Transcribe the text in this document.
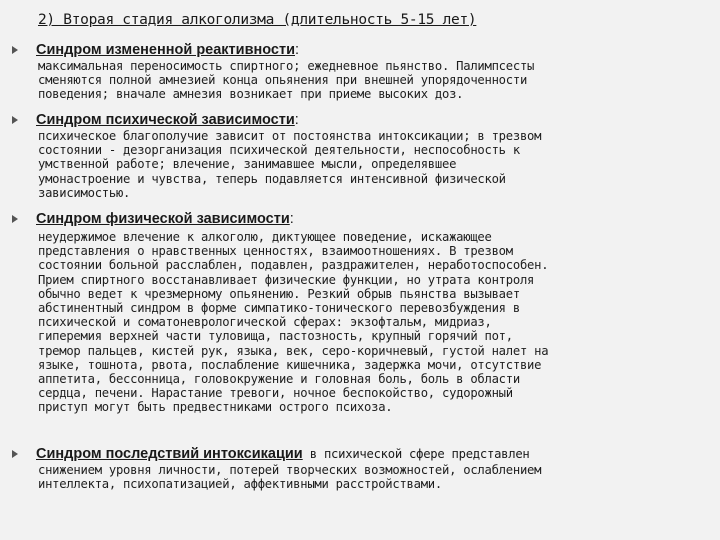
2) Вторая стадия алкоголизма (длительность 5-15 лет)
Синдром измененной реактивности:
максимальная переносимость спиртного; ежедневное пьянство. Палимпсесты
сменяются полной амнезией конца опьянения при внешней упорядоченности
поведения; вначале амнезия возникает при приеме высоких доз.
Синдром психической зависимости:
психическое благополучие зависит от постоянства интоксикации; в трезвом
состоянии - дезорганизация психической деятельности, неспособность к
умственной работе; влечение, занимавшее мысли, определявшее
умонастроение и чувства, теперь подавляется интенсивной физической
зависимостью.
Синдром физической зависимости:
неудержимое влечение к алкоголю, диктующее поведение, искажающее
представления о нравственных ценностях, взаимоотношениях. В трезвом
состоянии больной расслаблен, подавлен, раздражителен, неработоспособен.
Прием спиртного восстанавливает физические функции, но утрата контроля
обычно ведет к чрезмерному опьянению. Резкий обрыв пьянства вызывает
абстинентный синдром в форме симпатико-тонического перевозбуждения в
психической и соматоневрологической сферах: экзофтальм, мидриаз,
гиперемия верхней части туловища, пастозность, крупный горячий пот,
тремор пальцев, кистей рук, языка, век, серо-коричневый, густой налет на
языке, тошнота, рвота, послабление кишечника, задержка мочи, отсутствие
аппетита, бессонница, головокружение и головная боль, боль в области
сердца, печени. Нарастание тревоги, ночное беспокойство, судорожный
приступ могут быть предвестниками острого психоза.
Синдром последствий интоксикации в психической сфере представлен
снижением уровня личности, потерей творческих возможностей, ослаблением
интеллекта, психопатизацией, аффективными расстройствами.
